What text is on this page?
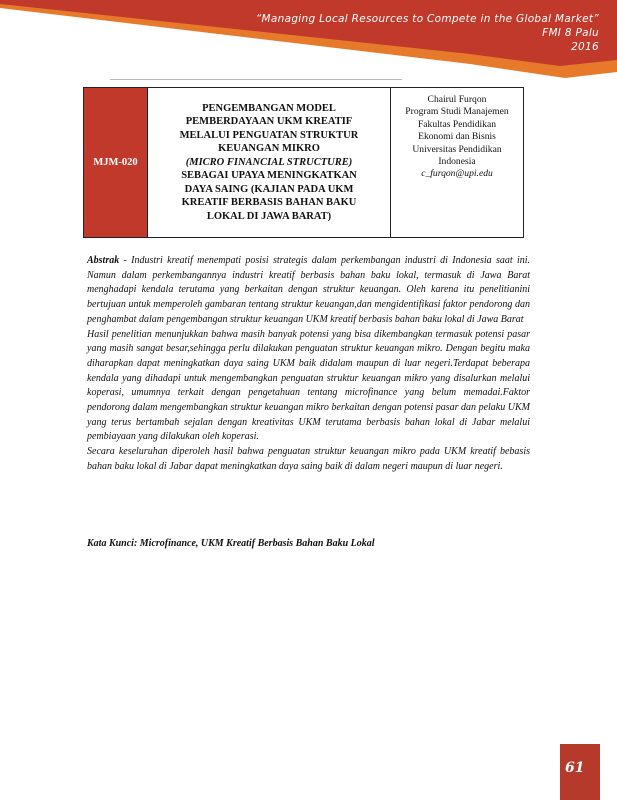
“Managing Local Resources to Compete in the Global Market”
FMI 8 Palu
2016
MJM-020	
PENGEMBANGAN MODEL
PEMBERDAYAAN UKM KREATIF
MELALUI PENGUATAN STRUKTUR
KEUANGAN MIKRO
(MICRO FINANCIAL STRUCTURE)
SEBAGAI UPAYA MENINGKATKAN
DAYA SAING (KAJIAN PADA UKM
KREATIF BERBASIS BAHAN BAKU
LOKAL DI JAWA BARAT)

Chairul Furqon
Program Studi Manajemen
Fakultas Pendidikan
Ekonomi dan Bisnis
Universitas Pendidikan
Indonesia
c_furqon@upi.edu

Abstrak - Industri kreatif menempati posisi strategis dalam perkembangan industri di Indonesia saat ini. Namun dalam perkembangannya industri kreatif berbasis bahan baku lokal, termasuk di Jawa Barat menghadapi kendala terutama yang berkaitan dengan struktur keuangan. Oleh karena itu penelitianini bertujuan untuk memperoleh gambaran tentang struktur keuangan,dan mengidentifikasi faktor pendorong dan penghambat dalam pengembangan struktur keuangan UKM kreatif berbasis bahan baku lokal di Jawa Barat

Hasil penelitian menunjukkan bahwa masih banyak potensi yang bisa dikembangkan termasuk potensi pasar yang masih sangat besar,sehingga perlu dilakukan penguatan struktur keuangan mikro. Dengan begitu maka diharapkan dapat meningkatkan daya saing UKM baik didalam maupun di luar negeri.Terdapat beberapa kendala yang dihadapi untuk mengembangkan penguatan struktur keuangan mikro yang disalurkan melalui koperasi, umumnya terkait dengan pengetahuan tentang microfinance yang belum memadai.Faktor pendorong dalam mengembangkan struktur keuangan mikro berkaitan dengan potensi pasar dan pelaku UKM yang terus bertambah sejalan dengan kreativitas UKM terutama berbasis bahan lokal di Jabar melalui pembiayaan yang dilakukan oleh koperasi.

Secara keseluruhan diperoleh hasil bahwa penguatan struktur keuangan mikro pada UKM kreatif bebasis bahan baku lokal di Jabar dapat meningkatkan daya saing baik di dalam negeri maupun di luar negeri.

Kata Kunci: Microfinance, UKM Kreatif Berbasis Bahan Baku Lokal
61
